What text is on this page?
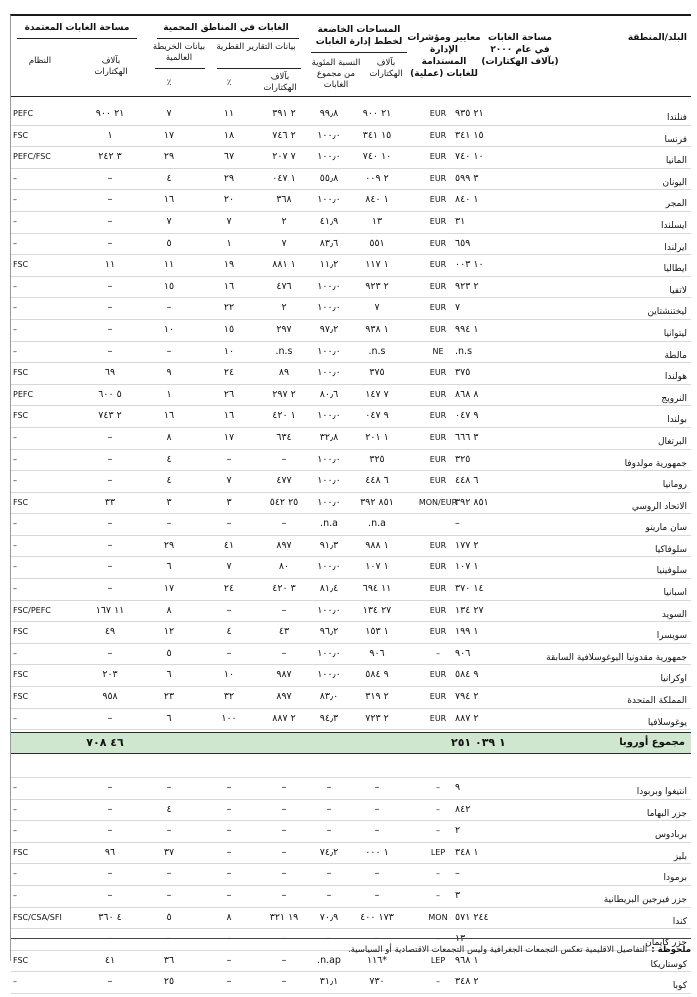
البلد/المنطقة
مساحة الغابات في عام ٢٠٠٠ (بآلاف الهكتارات)
معايير ومؤشرات الإدارة المستدامة للغابات (عملية)
المساحات الخاضعة لخطط إدارة الغابات
بآلاف الهكتارات
النسبة المئوية من مجموع الغابات
الغابات في المناطق المحمية
بيانات التقارير القطرية
بآلاف الهكتارات
٪
بيانات الخريطة العالمية
٪
مساحة الغابات المعتمدة
بآلاف الهكتارات
النظام
فنلندا
٢١ ٩٣٥
EUR
٢١ ٩٠٠
٩٩٫٨
٢ ٣٩١
١١
٧
٢١ ٩٠٠
PEFC
فرنسا
١٥ ٣٤١
EUR
١٥ ٣٤١
١٠٠٫٠
٢ ٧٤٦
١٨
١٧
١
FSC
المانيا
١٠ ٧٤٠
EUR
١٠ ٧٤٠
١٠٠٫٠
٧ ٢٠٧
٦٧
٢٩
٣ ٢٤٢
PEFC/FSC
اليونان
٣ ٥٩٩
EUR
٢ ٠٠٩
٥٥٫٨
١ ٠٤٧
٢٩
٤
–
–
المجر
١ ٨٤٠
EUR
١ ٨٤٠
١٠٠٫٠
٣٦٨
٢٠
١٦
–
–
ايسلندا
٣١
EUR
١٣
٤١٫٩
٢
٧
٧
–
–
ايرلندا
٦٥٩
EUR
٥٥١
٨٣٫٦
٧
١
٥
–
–
ايطاليا
١٠ ٠٠٣
EUR
١ ١١٧
١١٫٢
١ ٨٨١
١٩
١١
١١
FSC
لاتفيا
٢ ٩٢٣
EUR
٢ ٩٢٣
١٠٠٫٠
٤٧٦
١٦
١٥
–
–
ليختنشتاين
٧
EUR
٧
١٠٠٫٠
٢
٢٢
–
–
–
ليتوانيا
١ ٩٩٤
EUR
١ ٩٣٨
٩٧٫٢
٢٩٧
١٥
١٠
–
–
مالطة
n.s.
NE
n.s.
١٠٠٫٠
n.s.
١٠
–
–
–
هولندا
٣٧٥
EUR
٣٧٥
١٠٠٫٠
٨٩
٢٤
٩
٦٩
FSC
النرويج
٨ ٨٦٨
EUR
٧ ١٤٧
٨٠٫٦
٢ ٢٩٧
٢٦
١
٥ ٦٠٠
PEFC
بولندا
٩ ٠٤٧
EUR
٩ ٠٤٧
١٠٠٫٠
١ ٤٢٠
١٦
١٦
٢ ٧٤٣
FSC
البرتغال
٣ ٦٦٦
EUR
١ ٢٠١
٣٢٫٨
٦٣٤
١٧
٨
–
–
جمهورية مولدوفا
٣٢٥
EUR
٣٢٥
١٠٠٫٠
–
–
٤
–
–
رومانيا
٦ ٤٤٨
EUR
٦ ٤٤٨
١٠٠٫٠
٤٧٧
٧
٤
–
–
الاتحاد الروسي
٨٥١ ٣٩٢
MON/EUR
٨٥١ ٣٩٢
١٠٠٫٠
٢٥ ٥٤٢
٣
٣
٣٣
FSC
سان مارينو
–
n.a.
n.a.
–
–
–
–
–
سلوفاكيا
٢ ١٧٧
EUR
١ ٩٨٨
٩١٫٣
٨٩٧
٤١
٢٩
–
–
سلوفينيا
١ ١٠٧
EUR
١ ١٠٧
١٠٠٫٠
٨٠
٧
٦
–
–
اسبانيا
١٤ ٣٧٠
EUR
١١ ٦٩٤
٨١٫٤
٣ ٤٢٠
٢٤
١٧
–
–
السويد
٢٧ ١٣٤
EUR
٢٧ ١٣٤
١٠٠٫٠
–
–
٨
١١ ١٦٧
FSC/PEFC
سويسرا
١ ١٩٩
EUR
١ ١٥٣
٩٦٫٢
٤٣
٤
١٢
٤٩
FSC
جمهورية مقدونيا اليوغوسلافية السابقة
٩٠٦
–
٩٠٦
١٠٠٫٠
–
–
٥
–
–
اوكرانيا
٩ ٥٨٤
EUR
٩ ٥٨٤
١٠٠٫٠
٩٨٧
١٠
٦
٢٠٣
FSC
المملكة المتحدة
٢ ٧٩٤
EUR
٢ ٣١٩
٨٣٫٠
٨٩٧
٣٢
٢٣
٩٥٨
FSC
يوغوسلافيا
٢ ٨٨٧
EUR
٢ ٧٢٣
٩٤٫٣
٢ ٨٨٧
١٠٠
٦
–
–
مجموع أوروبا
١ ٠٣٩ ٢٥١
٤٦ ٧٠٨
انتيغوا وبربودا
٩
–
–
–
–
–
–
–
–
جزر البهاما
٨٤٢
–
–
–
–
–
٤
–
–
بربادوس
٢
–
–
–
–
–
–
–
–
بليز
١ ٣٤٨
LEP
١ ٠٠٠
٧٤٫٢
–
–
٣٧
٩٦
FSC
برمودا
–
–
–
–
–
–
–
–
–
جزر فيرجين البريطانية
٣
–
–
–
–
–
–
–
–
كندا
٢٤٤ ٥٧١
MON
١٧٣ ٤٠٠
٧٠٫٩
١٩ ٣٢١
٨
٥
٤ ٣٦٠
FSC/CSA/SFI
جزر كايمان
١٣
–
–
–
–
–
–
–
–
كوستاريكا
١ ٩٦٨
LEP
*١١٦
n.ap.
–
–
٣٦
٤١
FSC
كوبا
٢ ٣٤٨
–
٧٣٠
٣١٫١
–
–
٢٥
–
–
ملحوظة :التفاصيل الاقليمية تعكس التجمعات الجغرافية وليس التجمعات الاقتصادية أو السياسية.
